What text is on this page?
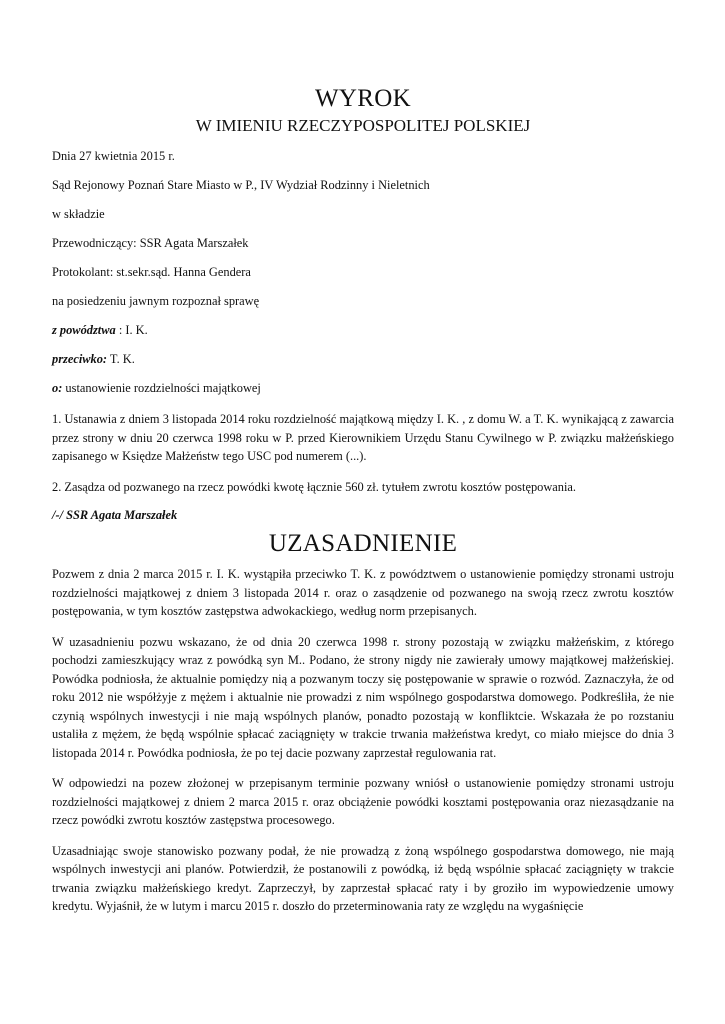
WYROK
W IMIENIU RZECZYPOSPOLITEJ POLSKIEJ

Dnia 27 kwietnia 2015 r.

Sąd Rejonowy Poznań Stare Miasto w P., IV Wydział Rodzinny i Nieletnich

w składzie

Przewodniczący: SSR Agata Marszałek

Protokolant: st.sekr.sąd. Hanna Gendera

na posiedzeniu jawnym rozpoznał sprawę

z powództwa : I. K.

przeciwko: T. K.

o: ustanowienie rozdzielności majątkowej

1. Ustanawia z dniem 3 listopada 2014 roku rozdzielność majątkową między I. K. , z domu W. a T. K. wynikającą z zawarcia przez strony w dniu 20 czerwca 1998 roku w P. przed Kierownikiem Urzędu Stanu Cywilnego w P. związku małżeńskiego zapisanego w Księdze Małżeństw tego USC pod numerem (...).

2. Zasądza od pozwanego na rzecz powódki kwotę łącznie 560 zł. tytułem zwrotu kosztów postępowania.

/-/ SSR Agata Marszałek

UZASADNIENIE

Pozwem z dnia 2 marca 2015 r. I. K. wystąpiła przeciwko T. K. z powództwem o ustanowienie pomiędzy stronami ustroju rozdzielności majątkowej z dniem 3 listopada 2014 r. oraz o zasądzenie od pozwanego na swoją rzecz zwrotu kosztów postępowania, w tym kosztów zastępstwa adwokackiego, według norm przepisanych.

W uzasadnieniu pozwu wskazano, że od dnia 20 czerwca 1998 r. strony pozostają w związku małżeńskim, z którego pochodzi zamieszkujący wraz z powódką syn M.. Podano, że strony nigdy nie zawierały umowy majątkowej małżeńskiej. Powódka podniosła, że aktualnie pomiędzy nią a pozwanym toczy się postępowanie w sprawie o rozwód. Zaznaczyła, że od roku 2012 nie współżyje z mężem i aktualnie nie prowadzi z nim wspólnego gospodarstwa domowego. Podkreśliła, że nie czynią wspólnych inwestycji i nie mają wspólnych planów, ponadto pozostają w konfliktcie. Wskazała że po rozstaniu ustaliła z mężem, że będą wspólnie spłacać zaciągnięty w trakcie trwania małżeństwa kredyt, co miało miejsce do dnia 3 listopada 2014 r. Powódka podniosła, że po tej dacie pozwany zaprzestał regulowania rat.

W odpowiedzi na pozew złożonej w przepisanym terminie pozwany wniósł o ustanowienie pomiędzy stronami ustroju rozdzielności majątkowej z dniem 2 marca 2015 r. oraz obciążenie powódki kosztami postępowania oraz niezasądzanie na rzecz powódki zwrotu kosztów zastępstwa procesowego.

Uzasadniając swoje stanowisko pozwany podał, że nie prowadzą z żoną wspólnego gospodarstwa domowego, nie mają wspólnych inwestycji ani planów. Potwierdził, że postanowili z powódką, iż będą wspólnie spłacać zaciągnięty w trakcie trwania związku małżeńskiego kredyt. Zaprzeczył, by zaprzestał spłacać raty i by groziło im wypowiedzenie umowy kredytu. Wyjaśnił, że w lutym i marcu 2015 r. doszło do przeterminowania raty ze względu na wygaśnięcie
